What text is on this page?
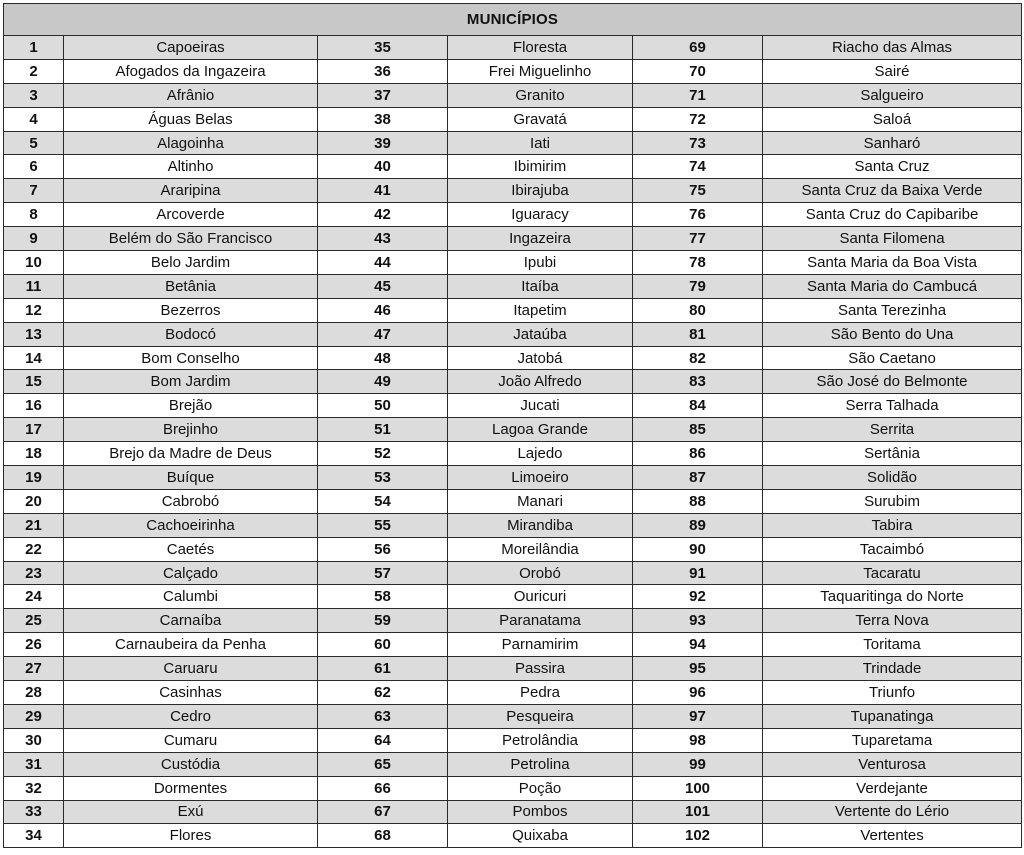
MUNICÍPIOS					
1	Capoeiras	35	Floresta	69	Riacho das Almas
2	Afogados da Ingazeira	36	Frei Miguelinho	70	Sairé
3	Afrânio	37	Granito	71	Salgueiro
4	Águas Belas	38	Gravatá	72	Saloá
5	Alagoinha	39	Iati	73	Sanharó
6	Altinho	40	Ibimirim	74	Santa Cruz
7	Araripina	41	Ibirajuba	75	Santa Cruz da Baixa Verde
8	Arcoverde	42	Iguaracy	76	Santa Cruz do Capibaribe
9	Belém do São Francisco	43	Ingazeira	77	Santa Filomena
10	Belo Jardim	44	Ipubi	78	Santa Maria da Boa Vista
11	Betânia	45	Itaíba	79	Santa Maria do Cambucá
12	Bezerros	46	Itapetim	80	Santa Terezinha
13	Bodocó	47	Jataúba	81	São Bento do Una
14	Bom Conselho	48	Jatobá	82	São Caetano
15	Bom Jardim	49	João Alfredo	83	São José do Belmonte
16	Brejão	50	Jucati	84	Serra Talhada
17	Brejinho	51	Lagoa Grande	85	Serrita
18	Brejo da Madre de Deus	52	Lajedo	86	Sertânia
19	Buíque	53	Limoeiro	87	Solidão
20	Cabrobó	54	Manari	88	Surubim
21	Cachoeirinha	55	Mirandiba	89	Tabira
22	Caetés	56	Moreilândia	90	Tacaimbó
23	Calçado	57	Orobó	91	Tacaratu
24	Calumbi	58	Ouricuri	92	Taquaritinga do Norte
25	Carnaíba	59	Paranatama	93	Terra Nova
26	Carnaubeira da Penha	60	Parnamirim	94	Toritama
27	Caruaru	61	Passira	95	Trindade
28	Casinhas	62	Pedra	96	Triunfo
29	Cedro	63	Pesqueira	97	Tupanatinga
30	Cumaru	64	Petrolândia	98	Tuparetama
31	Custódia	65	Petrolina	99	Venturosa
32	Dormentes	66	Poção	100	Verdejante
33	Exú	67	Pombos	101	Vertente do Lério
34	Flores	68	Quixaba	102	Vertentes
